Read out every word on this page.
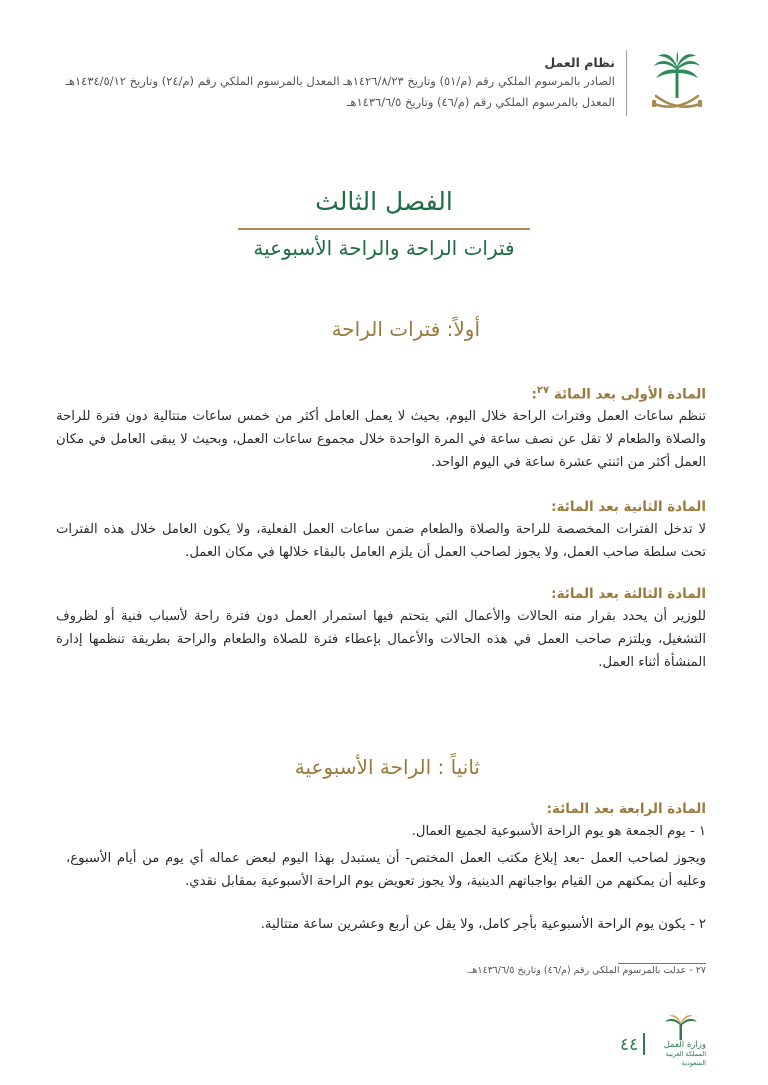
نظام العمل
الصادر بالمرسوم الملكي رقم (م/٥١) وتاريخ ١٤٢٦/٨/٢٣هـ المعدل بالمرسوم الملكي رقم (م/٢٤) وتاريخ ١٤٣٤/٥/١٢هـ
المعدل بالمرسوم الملكي رقم (م/٤٦) وتاريخ ١٤٣٦/٦/٥هـ
الفصل الثالث
فترات الراحة والراحة الأسبوعية
أولاً: فترات الراحة
المادة الأولى بعد المائة $^{٢٧}$:
تنظم ساعات العمل وفترات الراحة خلال اليوم، بحيث لا يعمل العامل أكثر من خمس ساعات متتالية دون فترة للراحة والصلاة والطعام لا تقل عن نصف ساعة في المرة الواحدة خلال مجموع ساعات العمل، وبحيث لا يبقى العامل في مكان العمل أكثر من اثنتي عشرة ساعة في اليوم الواحد.
المادة الثانية بعد المائة:
لا تدخل الفترات المخصصة للراحة والصلاة والطعام ضمن ساعات العمل الفعلية، ولا يكون العامل خلال هذه الفترات تحت سلطة صاحب العمل، ولا يجوز لصاحب العمل أن يلزم العامل بالبقاء خلالها في مكان العمل.
المادة الثالثة بعد المائة:
للوزير أن يحدد بقرار منه الحالات والأعمال التي يتحتم فيها استمرار العمل دون فترة راحة لأسباب فنية أو لظروف التشغيل، ويلتزم صاحب العمل في هذه الحالات والأعمال بإعطاء فترة للصلاة والطعام والراحة بطريقة تنظمها إدارة المنشأة أثناء العمل.
ثانياً : الراحة الأسبوعية
المادة الرابعة بعد المائة:
١ - يوم الجمعة هو يوم الراحة الأسبوعية لجميع العمال.
ويجوز لصاحب العمل -بعد إبلاغ مكتب العمل المختص- أن يستبدل بهذا اليوم لبعض عماله أي يوم من أيام الأسبوع، وعليه أن يمكنهم من القيام بواجباتهم الدينية، ولا يجوز تعويض يوم الراحة الأسبوعية بمقابل نقدي.
٢ - يكون يوم الراحة الأسبوعية بأجر كامل، ولا يقل عن أربع وعشرين ساعة متتالية.
٢٧ - عدلت بالمرسوم الملكي رقم (م/٤٦) وتاريخ ١٤٣٦/٦/٥هـ.
٤٤	وزارة العمل
المملكة العربية السعودية
